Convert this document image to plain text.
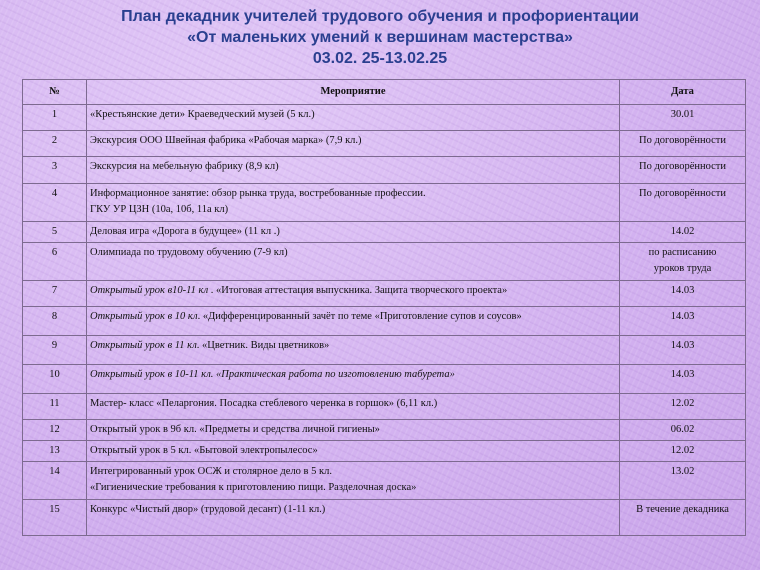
План декадник учителей трудового обучения и профориентации
«От маленьких умений к вершинам мастерства»
03.02. 25-13.02.25
№	Мероприятие	Дата
1	«Крестьянские дети» Краеведческий музей (5 кл.)	30.01
2	Экскурсия ООО Швейная фабрика «Рабочая марка» (7,9 кл.)	По договорённости
3	Экскурсия на мебельную фабрику (8,9 кл)	По договорённости
4	Информационное занятие: обзор рынка труда, востребованные профессии.
ГКУ УР ЦЗН (10а, 10б, 11а кл)	По договорённости
5	Деловая игра «Дорога в будущее» (11 кл .)	14.02
6	Олимпиада по трудовому обучению (7-9 кл)	по расписанию
уроков труда

7	Открытый урок в10-11 кл . «Итоговая аттестация выпускника. Защита творческого проекта»	14.03
8	Открытый урок в 10 кл. «Дифференцированный зачёт по теме «Приготовление супов и соусов»	14.03
9	Открытый урок в 11 кл. «Цветник. Виды цветников»	14.03
10	Открытый урок в 10-11 кл. «Практическая работа по изготовлению табурета»	14.03
11	Мастер- класс «Пеларгония. Посадка стеблевого черенка в горшок» (6,11 кл.)	12.02
12	Открытый урок в 9б кл. «Предметы и средства личной гигиены»	06.02
13	Открытый урок в 5 кл. «Бытовой электропылесос»	12.02
14	Интегрированный урок ОСЖ и столярное дело в 5 кл.
«Гигиенические требования к приготовлению пищи. Разделочная доска»	13.02
15	Конкурс «Чистый двор» (трудовой десант) (1-11 кл.)	В течение декадника
